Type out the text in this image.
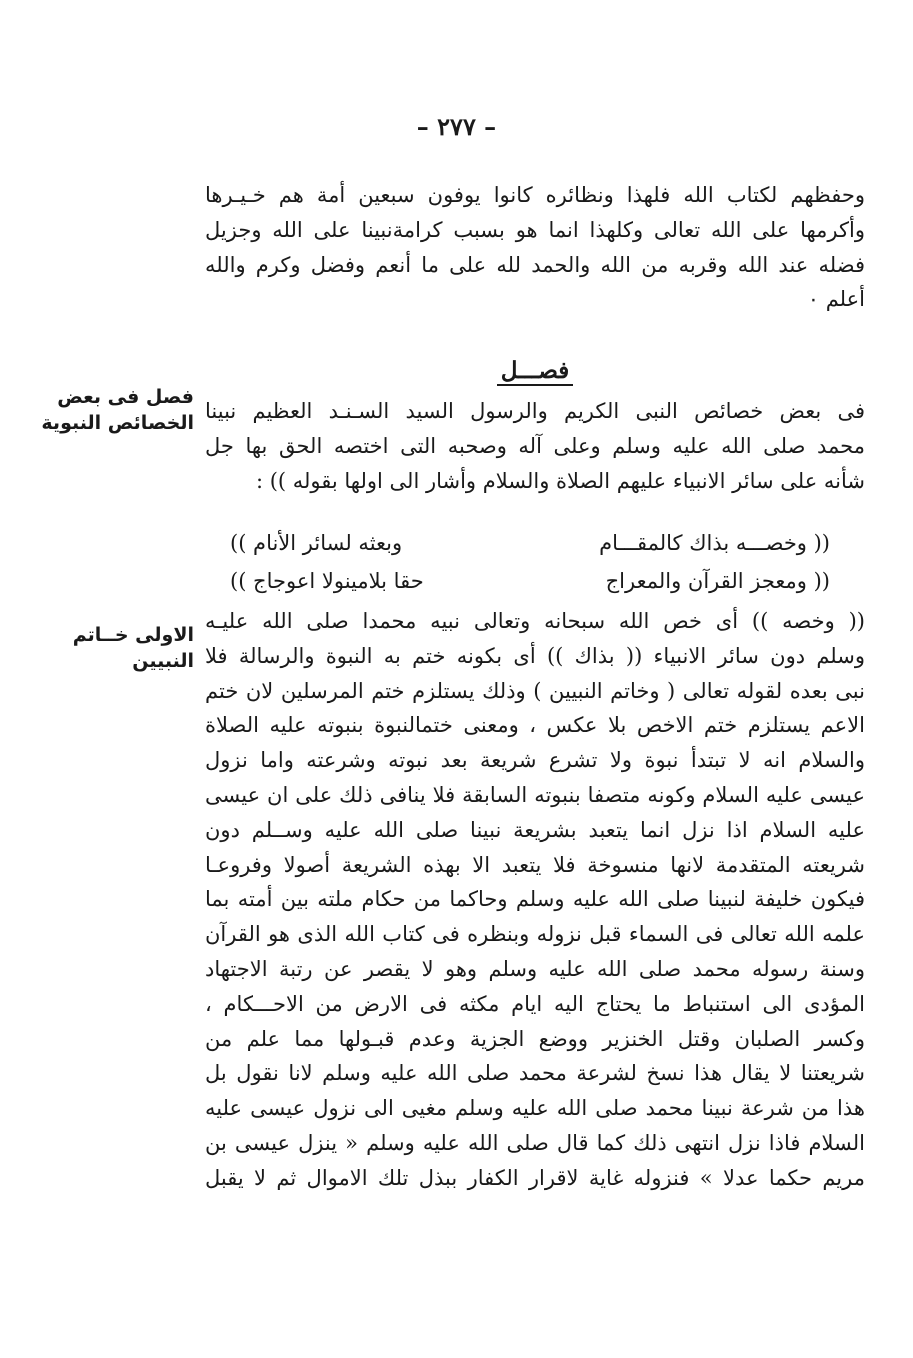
– ٢٧٧ –
وحفظهم لكتاب الله فلهذا ونظائره كانوا يوفون سبعين أمة هم خـيـرها
وأكرمها على الله تعالى وكلهذا انما هو بسبب كرامةنبينا على الله وجزيل
فضله عند الله وقربه من الله والحمد لله على ما أنعم وفضل وكرم والله
أعلم ٠
فصـــل
فصل فى بعض
الخصائص النبوية فى بعض خصائص النبى الكريم والرسول السيد السـنـد العظيم نبينا
محمد صلى الله عليه وسلم وعلى آله وصحبه التى اختصه الحق بها جل
شأنه على سائر الانبياء عليهم الصلاة والسلام وأشار الى اولها بقوله )) :
(( وخصـــه بذاك كالمقـــام
وبعثه لسائر الأنام ))
(( ومعجز القرآن والمعراج
حقا بلامينولا اعوجاج ))
الاولى خــاتم
النبيين
(( وخصه )) أى خص الله سبحانه وتعالى نبيه محمدا صلى الله عليـه
وسلم دون سائر الانبياء (( بذاك )) أى بكونه ختم به النبوة والرسالة فلا
نبى بعده لقوله تعالى ( وخاتم النبيين ) وذلك يستلزم ختم المرسلين لان ختم
الاعم يستلزم ختم الاخص بلا عكس ، ومعنى ختمالنبوة بنبوته عليه الصلاة
والسلام انه لا تبتدأ نبوة ولا تشرع شريعة بعد نبوته وشرعته واما نزول
عيسى عليه السلام وكونه متصفا بنبوته السابقة فلا ينافى ذلك على ان عيسى
عليه السلام اذا نزل انما يتعبد بشريعة نبينا صلى الله عليه وســلم دون
شريعته المتقدمة لانها منسوخة فلا يتعبد الا بهذه الشريعة أصولا وفروعـا
فيكون خليفة لنبينا صلى الله عليه وسلم وحاكما من حكام ملته بين أمته بما
علمه الله تعالى فى السماء قبل نزوله وبنظره فى كتاب الله الذى هو القرآن
وسنة رسوله محمد صلى الله عليه وسلم وهو لا يقصر عن رتبة الاجتهاد
المؤدى الى استنباط ما يحتاج اليه ايام مكثه فى الارض من الاحـــكام ،
وكسر الصلبان وقتل الخنزير ووضع الجزية وعدم قبـولها مما علم من
شريعتنا لا يقال هذا نسخ لشرعة محمد صلى الله عليه وسلم لانا نقول بل
هذا من شرعة نبينا محمد صلى الله عليه وسلم مغيى الى نزول عيسى عليه
السلام فاذا نزل انتهى ذلك كما قال صلى الله عليه وسلم « ينزل عيسى بن
مريم حكما عدلا » فنزوله غاية لاقرار الكفار ببذل تلك الاموال ثم لا يقبل
